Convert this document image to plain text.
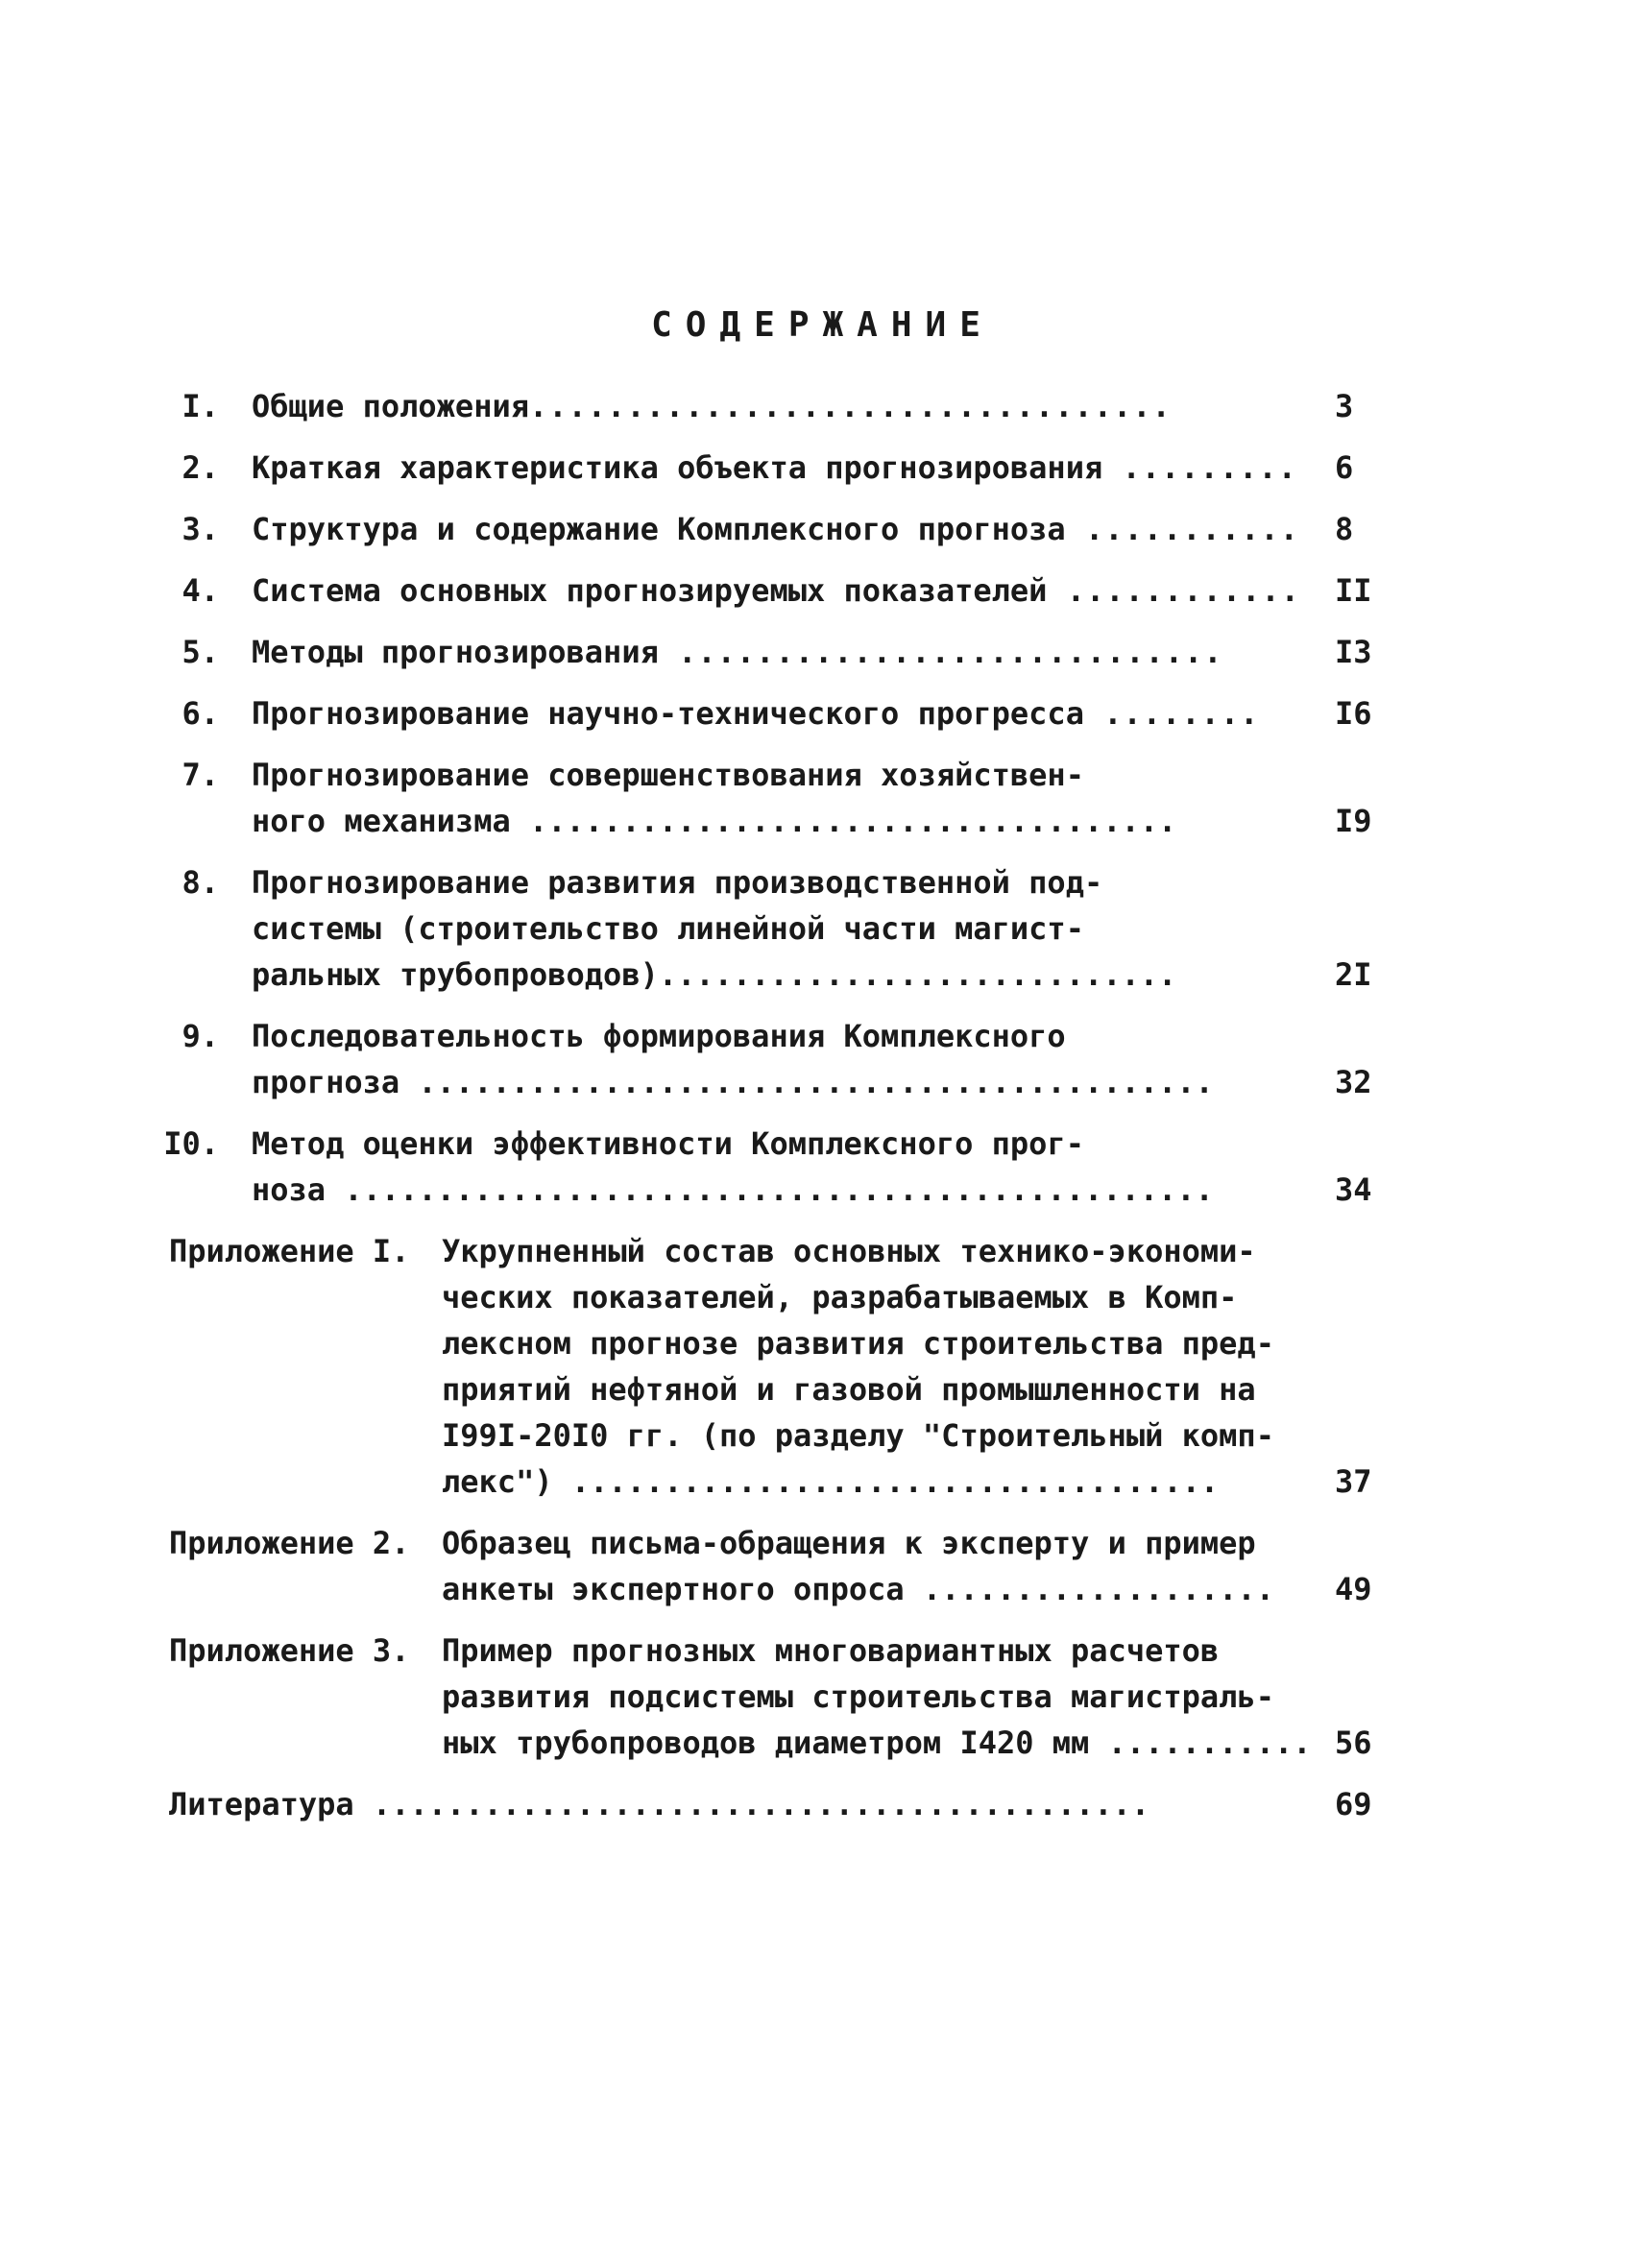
СОДЕРЖАНИЕ
I. Общие положения.................................	3
2. Краткая характеристика объекта прогнозирования ......... 6
3. Структура и содержание Комплексного прогноза ........... 8
4. Система основных прогнозируемых показателей ............ II
5. Методы прогнозирования ............................	I3
6. Прогнозирование научно-технического прогресса ........ I6
7. Прогнозирование совершенствования хозяйствен-
ного механизма ...................................	I9
8. Прогнозирование развития производственной под-
системы (строительство линейной части магист-
ральных трубопроводов)............................	2I
9. Последовательность формирования Комплексного
прогноза ...........................................	32
I0. Метод оценки эффективности Комплексного прог-
ноза ...............................................	34
Приложение I. Укрупненный состав основных технико-экономи-
ческих показателей, разрабатываемых в Комп-
лексном прогнозе развития строительства пред-
приятий нефтяной и газовой промышленности на
I99I-20I0 гг. (по разделу "Строительный комп-
лекс") ...................................	37
Приложение 2. Образец письма-обращения к эксперту и пример
анкеты экспертного опроса ................... 49
Приложение 3. Пример прогнозных многовариантных расчетов
развития подсистемы строительства магистраль-
ных трубопроводов диаметром I420 мм ........... 56
Литература ..........................................	69
